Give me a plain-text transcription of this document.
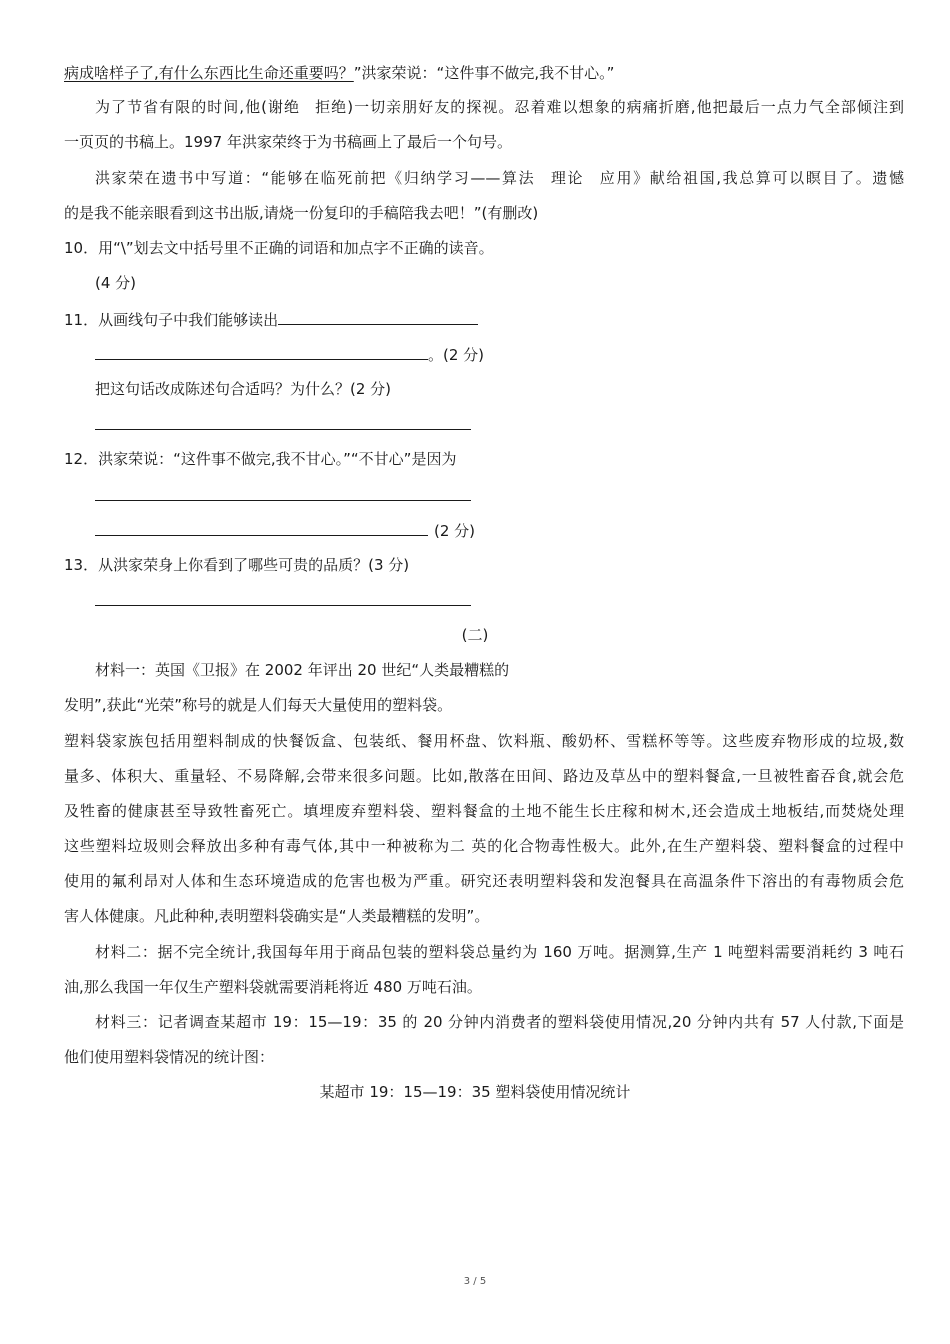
病成啥样子了,有什么东西比生命还重要吗？”洪家荣说：“这件事不做完,我不甘心。”
为了节省有限的时间,他(谢绝 拒绝)一切亲朋好友的探视。忍着难以想象的病痛折磨,他把最后一点力气全部倾注到
一页页的书稿上。1997 年洪家荣终于为书稿画上了最后一个句号。
洪家荣在遗书中写道：“能够在临死前把《归纳学习——算法 理论 应用》献给祖国,我总算可以瞑目了。遗憾
的是我不能亲眼看到这书出版,请烧一份复印的手稿陪我去吧！”(有删改)
10．用“\”划去文中括号里不正确的词语和加点字不正确的读音。
(4 分)
11．从画线句子中我们能够读出
。(2 分)
把这句话改成陈述句合适吗？为什么？(2 分)
12．洪家荣说：“这件事不做完,我不甘心。”“不甘心”是因为
(2 分)
13．从洪家荣身上你看到了哪些可贵的品质？(3 分)
(二)
材料一：英国《卫报》在 2002 年评出 20 世纪“人类最糟糕的
发明”,获此“光荣”称号的就是人们每天大量使用的塑料袋。
塑料袋家族包括用塑料制成的快餐饭盒、包装纸、餐用杯盘、饮料瓶、酸奶杯、雪糕杯等等。这些废弃物形成的垃圾,数
量多、体积大、重量轻、不易降解,会带来很多问题。比如,散落在田间、路边及草丛中的塑料餐盒,一旦被牲畜吞食,就会危
及牲畜的健康甚至导致牲畜死亡。填埋废弃塑料袋、塑料餐盒的土地不能生长庄稼和树木,还会造成土地板结,而焚烧处理
这些塑料垃圾则会释放出多种有毒气体,其中一种被称为二 英的化合物毒性极大。此外,在生产塑料袋、塑料餐盒的过程中
使用的氟利昂对人体和生态环境造成的危害也极为严重。研究还表明塑料袋和发泡餐具在高温条件下溶出的有毒物质会危
害人体健康。凡此种种,表明塑料袋确实是“人类最糟糕的发明”。
材料二：据不完全统计,我国每年用于商品包装的塑料袋总量约为 160 万吨。据测算,生产 1 吨塑料需要消耗约 3 吨石
油,那么我国一年仅生产塑料袋就需要消耗将近 480 万吨石油。
材料三：记者调查某超市 19：15—19：35 的 20 分钟内消费者的塑料袋使用情况,20 分钟内共有 57 人付款,下面是
他们使用塑料袋情况的统计图：
某超市 19：15—19：35 塑料袋使用情况统计
3 / 5
